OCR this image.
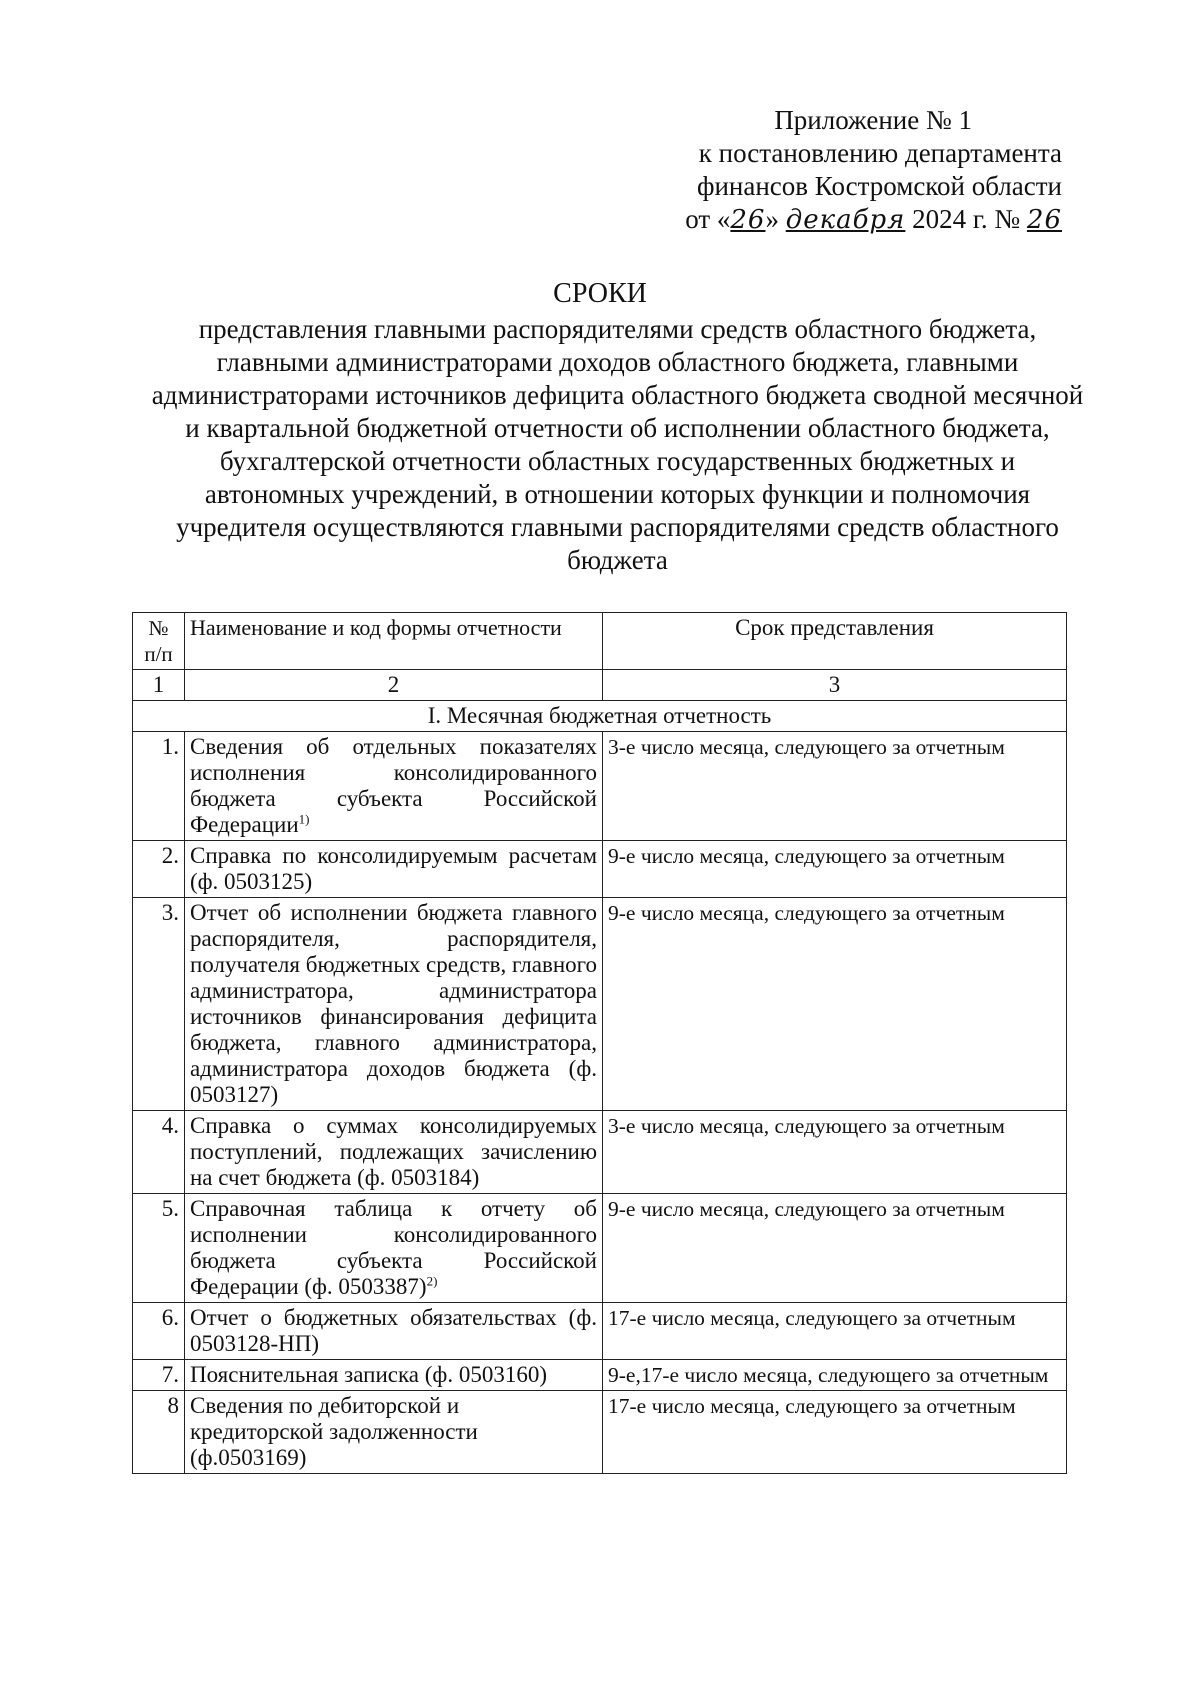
Приложение № 1
к постановлению департамента
финансов Костромской области
от «26» декабря 2024 г. № 26
СРОКИ
представления главными распорядителями средств областного бюджета, главными администраторами доходов областного бюджета, главными администраторами источников дефицита областного бюджета сводной месячной и квартальной бюджетной отчетности об исполнении областного бюджета, бухгалтерской отчетности областных государственных бюджетных и автономных учреждений, в отношении которых функции и полномочия учредителя осуществляются главными распорядителями средств областного бюджета
№ п/п	Наименование и код формы отчетности	Срок представления
1	2	3
I. Месячная бюджетная отчетность		
1.	Сведения об отдельных показателях исполнения консолидированного бюджета субъекта Российской Федерации$^{1)}$	3-е число месяца, следующего за отчетным
2.	Справка по консолидируемым расчетам (ф. 0503125)	9-е число месяца, следующего за отчетным
3.	Отчет об исполнении бюджета главного распорядителя, распорядителя, получателя бюджетных средств, главного администратора, администратора источников финансирования дефицита бюджета, главного администратора, администратора доходов бюджета (ф. 0503127)	9-е число месяца, следующего за отчетным
4.	Справка о суммах консолидируемых поступлений, подлежащих зачислению на счет бюджета (ф. 0503184)	3-е число месяца, следующего за отчетным
5.	Справочная таблица к отчету об исполнении консолидированного бюджета субъекта Российской Федерации (ф. 0503387)$^{2)}$	9-е число месяца, следующего за отчетным
6.	Отчет о бюджетных обязательствах (ф. 0503128-НП)	17-е число месяца, следующего за отчетным
7.	Пояснительная записка (ф. 0503160)	9-е,17-е число месяца, следующего за отчетным
8	Сведения по дебиторской и кредиторской задолженности (ф.0503169)	17-е число месяца, следующего за отчетным
